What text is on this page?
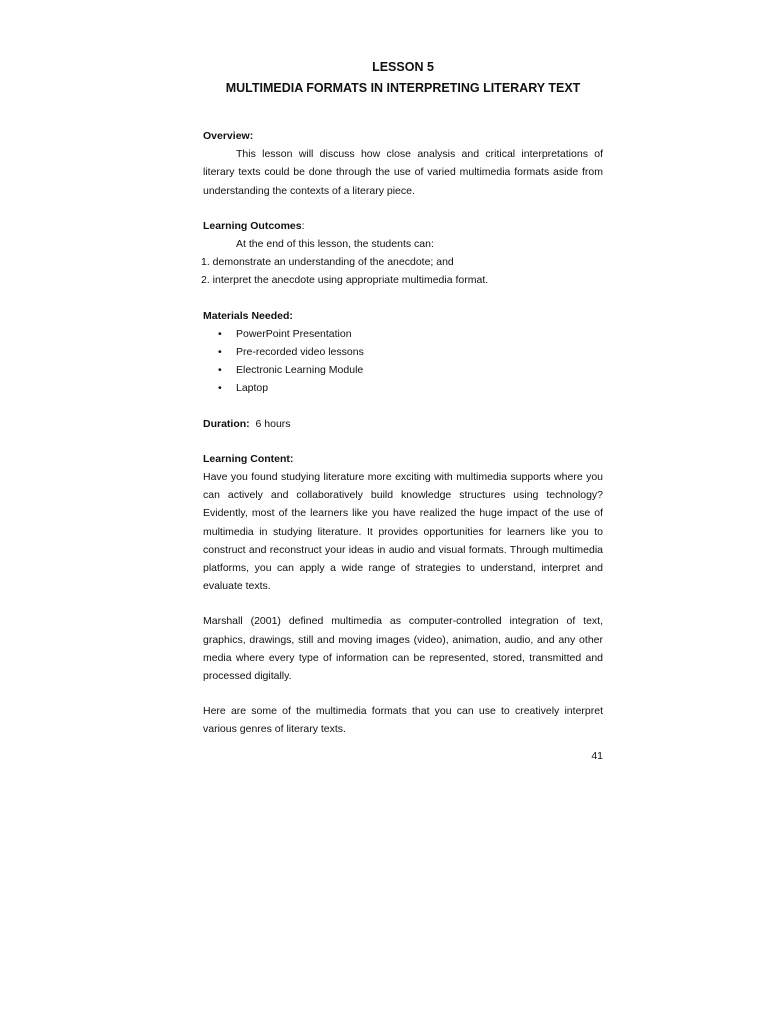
LESSON 5

MULTIMEDIA FORMATS IN INTERPRETING LITERARY TEXT

Overview:

This lesson will discuss how close analysis and critical interpretations of literary texts could be done through the use of varied multimedia formats aside from understanding the contexts of a literary piece.

Learning Outcomes:

At the end of this lesson, the students can:

1. demonstrate an understanding of the anecdote; and
2. interpret the anecdote using appropriate multimedia format.

Materials Needed:

• PowerPoint Presentation
• Pre-recorded video lessons
• Electronic Learning Module
• Laptop

Duration: 6 hours

Learning Content:

Have you found studying literature more exciting with multimedia supports where you can actively and collaboratively build knowledge structures using technology? Evidently, most of the learners like you have realized the huge impact of the use of multimedia in studying literature. It provides opportunities for learners like you to construct and reconstruct your ideas in audio and visual formats. Through multimedia platforms, you can apply a wide range of strategies to understand, interpret and evaluate texts.

Marshall (2001) defined multimedia as computer-controlled integration of text, graphics, drawings, still and moving images (video), animation, audio, and any other media where every type of information can be represented, stored, transmitted and processed digitally.

Here are some of the multimedia formats that you can use to creatively interpret various genres of literary texts.

41
